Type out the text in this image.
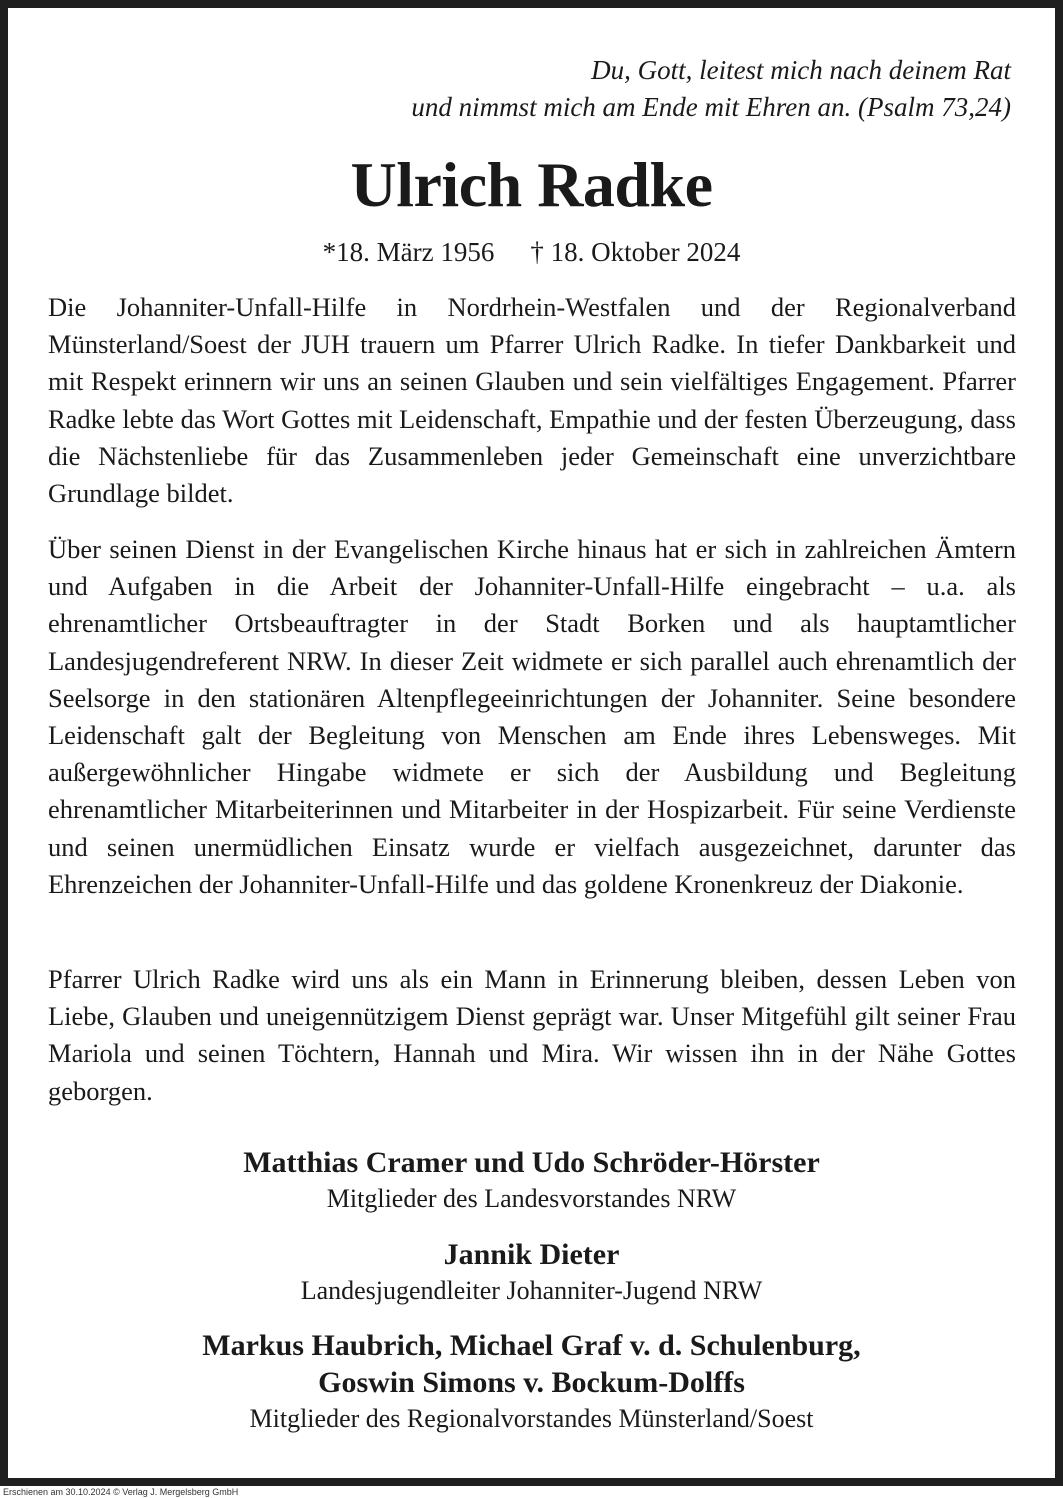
Du, Gott, leitest mich nach deinem Rat
und nimmst mich am Ende mit Ehren an. (Psalm 73,24)
Ulrich Radke
*18. März 1956 † 18. Oktober 2024
Die Johanniter-Unfall-Hilfe in Nordrhein-Westfalen und der Regionalverband Münsterland/Soest der JUH trauern um Pfarrer Ulrich Radke. In tiefer Dankbarkeit und mit Respekt erinnern wir uns an seinen Glauben und sein vielfältiges Engagement. Pfarrer Radke lebte das Wort Gottes mit Leidenschaft, Empathie und der festen Überzeugung, dass die Nächstenliebe für das Zusammenleben jeder Gemeinschaft eine unverzichtbare Grundlage bildet.
Über seinen Dienst in der Evangelischen Kirche hinaus hat er sich in zahlreichen Ämtern und Aufgaben in die Arbeit der Johanniter-Unfall-Hilfe eingebracht – u.a. als ehrenamtlicher Ortsbeauftragter in der Stadt Borken und als hauptamtlicher Landesjugendreferent NRW. In dieser Zeit widmete er sich parallel auch ehrenamtlich der Seelsorge in den stationären Altenpflegeeinrichtungen der Johanniter. Seine besondere Leidenschaft galt der Begleitung von Menschen am Ende ihres Lebensweges. Mit außergewöhnlicher Hingabe widmete er sich der Ausbildung und Begleitung ehrenamtlicher Mitarbeiterinnen und Mitarbeiter in der Hospizarbeit. Für seine Verdienste und seinen unermüdlichen Einsatz wurde er vielfach ausgezeichnet, darunter das Ehrenzeichen der Johanniter-Unfall-Hilfe und das goldene Kronenkreuz der Diakonie.
Pfarrer Ulrich Radke wird uns als ein Mann in Erinnerung bleiben, dessen Leben von Liebe, Glauben und uneigennützigem Dienst geprägt war. Unser Mitgefühl gilt seiner Frau Mariola und seinen Töchtern, Hannah und Mira. Wir wissen ihn in der Nähe Gottes geborgen.
Matthias Cramer und Udo Schröder-Hörster
Mitglieder des Landesvorstandes NRW
Jannik Dieter
Landesjugendleiter Johanniter-Jugend NRW
Markus Haubrich, Michael Graf v. d. Schulenburg,
Goswin Simons v. Bockum-Dolffs
Mitglieder des Regionalvorstandes Münsterland/Soest
Erschienen am 30.10.2024 © Verlag J. Mergelsberg GmbH
